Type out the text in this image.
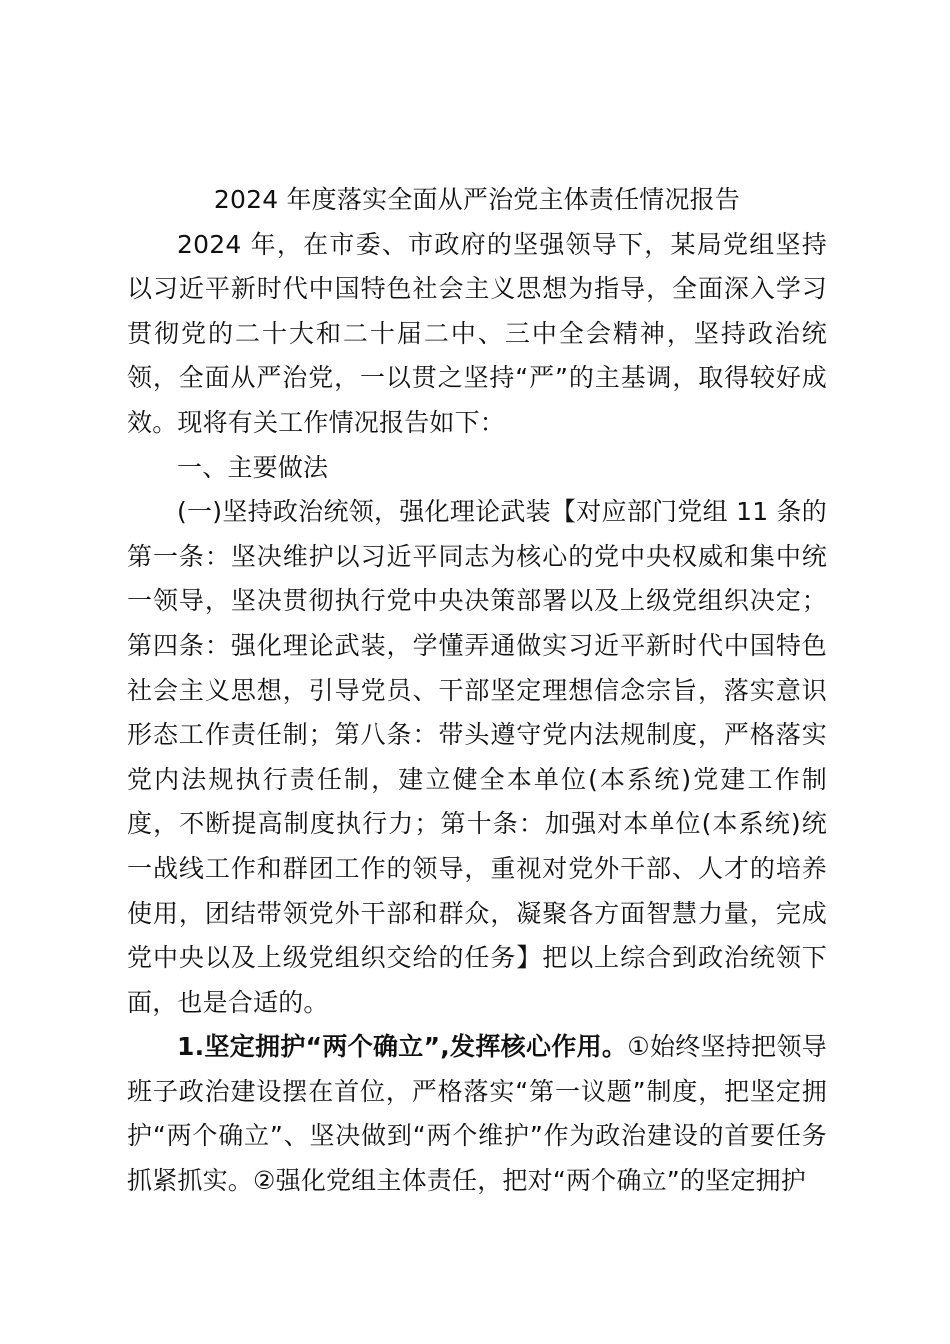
2024 年度落实全面从严治党主体责任情况报告

2024 年，在市委、市政府的坚强领导下，某局党组坚持以习近平新时代中国特色社会主义思想为指导，全面深入学习贯彻党的二十大和二十届二中、三中全会精神，坚持政治统领，全面从严治党，一以贯之坚持“严”的主基调，取得较好成效。现将有关工作情况报告如下：

一、主要做法

(一)坚持政治统领，强化理论武装【对应部门党组 11 条的第一条：坚决维护以习近平同志为核心的党中央权威和集中统一领导，坚决贯彻执行党中央决策部署以及上级党组织决定；第四条：强化理论武装，学懂弄通做实习近平新时代中国特色社会主义思想，引导党员、干部坚定理想信念宗旨，落实意识形态工作责任制；第八条：带头遵守党内法规制度，严格落实党内法规执行责任制，建立健全本单位(本系统)党建工作制度，不断提高制度执行力；第十条：加强对本单位(本系统)统一战线工作和群团工作的领导，重视对党外干部、人才的培养使用，团结带领党外干部和群众，凝聚各方面智慧力量，完成党中央以及上级党组织交给的任务】把以上综合到政治统领下面，也是合适的。

1.坚定拥护“两个确立”,发挥核心作用。①始终坚持把领导班子政治建设摆在首位，严格落实“第一议题”制度，把坚定拥护“两个确立”、坚决做到“两个维护”作为政治建设的首要任务抓紧抓实。②强化党组主体责任，把对“两个确立”的坚定拥护
